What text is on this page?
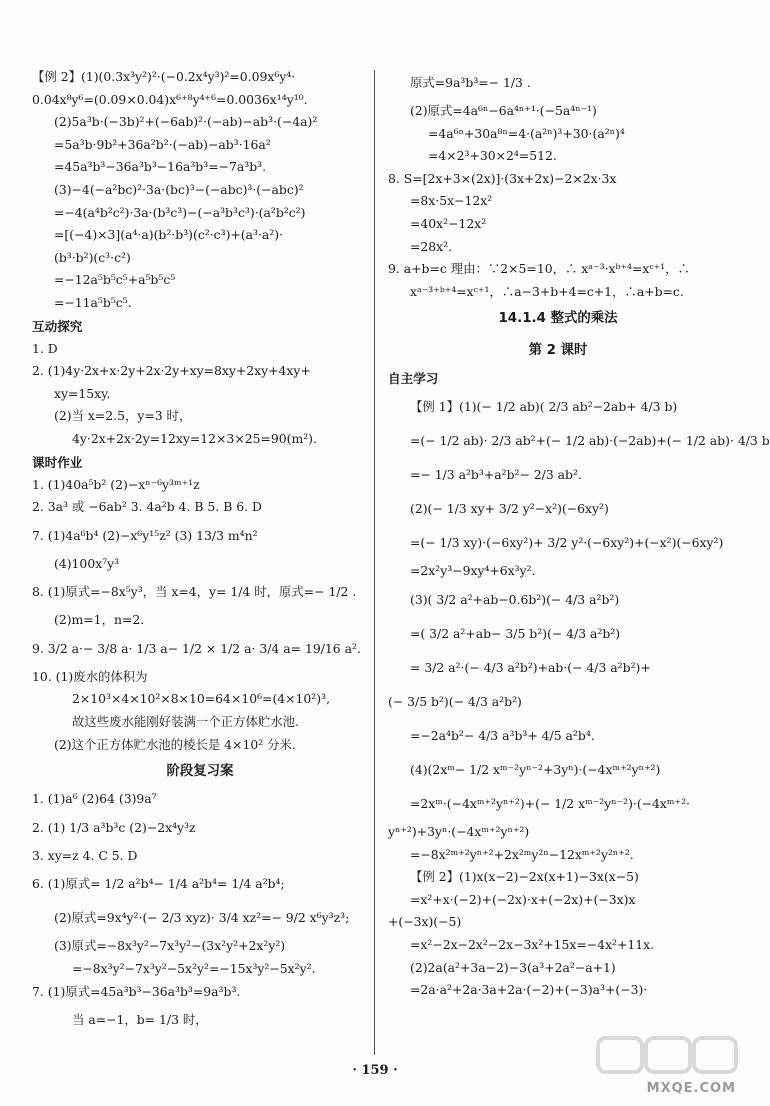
【例 2】(1)(0.3x³y²)²·(−0.2x⁴y³)²=0.09x⁶y⁴·
0.04x⁸y⁶=(0.09×0.04)x⁶⁺⁸y⁴⁺⁶=0.0036x¹⁴y¹⁰.
(2)5a³b·(−3b)²+(−6ab)²·(−ab)−ab³·(−4a)²
=5a³b·9b²+36a²b²·(−ab)−ab³·16a²
=45a³b³−36a³b³−16a³b³=−7a³b³.
(3)−4(−a²bc)²·3a·(bc)³−(−abc)³·(−abc)²
=−4(a⁴b²c²)·3a·(b³c³)−(−a³b³c³)·(a²b²c²)
=[(−4)×3](a⁴·a)(b²·b³)(c²·c³)+(a³·a²)·
(b³·b²)(c³·c²)
=−12a⁵b⁵c⁵+a⁵b⁵c⁵
=−11a⁵b⁵c⁵.
互动探究
1. D
2. (1)4y·2x+x·2y+2x·2y+xy=8xy+2xy+4xy+
xy=15xy.
(2)当 x=2.5，y=3 时，
4y·2x+2x·2y=12xy=12×3×25=90(m²).
课时作业
1. (1)40a⁵b² (2)−xⁿ⁻⁶y³ᵐ⁺¹z
2. 3a³ 或 −6ab² 3. 4a²b 4. B 5. B 6. D
7. (1)4a⁶b⁴ (2)−x⁶y¹⁵z² (3) 13/3 m⁴n²
(4)100x⁷y³
8. (1)原式=−8x⁵y³，当 x=4，y= 1/4 时，原式=− 1/2 .
(2)m=1，n=2.
9. 3/2 a·− 3/8 a· 1/3 a− 1/2 × 1/2 a· 3/4 a= 19/16 a².
10. (1)废水的体积为
2×10³×4×10²×8×10=64×10⁶=(4×10²)³,
故这些废水能刚好装满一个正方体贮水池.
(2)这个正方体贮水池的棱长是 4×10² 分米.
阶段复习案
1. (1)a⁶ (2)64 (3)9a⁷
2. (1) 1/3 a³b³c (2)−2x⁴y³z
3. xy=z 4. C 5. D
6. (1)原式= 1/2 a²b⁴− 1/4 a²b⁴= 1/4 a²b⁴;
(2)原式=9x⁴y²·(− 2/3 xyz)· 3/4 xz²=− 9/2 x⁶y³z³;
(3)原式=−8x³y²−7x³y²−(3x²y²+2x²y²)
=−8x³y²−7x³y²−5x²y²=−15x³y²−5x²y².
7. (1)原式=45a³b³−36a³b³=9a³b³.
当 a=−1，b= 1/3 时，
原式=9a³b³=− 1/3 .
(2)原式=4a⁶ⁿ−6a⁴ⁿ⁺¹·(−5a⁴ⁿ⁻¹)
=4a⁶ⁿ+30a⁸ⁿ=4·(a²ⁿ)³+30·(a²ⁿ)⁴
=4×2³+30×2⁴=512.
8. S=[2x+3×(2x)]·(3x+2x)−2×2x·3x
=8x·5x−12x²
=40x²−12x²
=28x².
9. a+b=c 理由：∵2×5=10，∴ xᵃ⁻³·xᵇ⁺⁴=xᶜ⁺¹，∴
xᵃ⁻³⁺ᵇ⁺⁴=xᶜ⁺¹，∴a−3+b+4=c+1，∴a+b=c.
14.1.4 整式的乘法
第 2 课时
自主学习
【例 1】(1)(− 1/2 ab)( 2/3 ab²−2ab+ 4/3 b)
=(− 1/2 ab)· 2/3 ab²+(− 1/2 ab)·(−2ab)+(− 1/2 ab)· 4/3 b
=− 1/3 a²b³+a²b²− 2/3 ab².
(2)(− 1/3 xy+ 3/2 y²−x²)(−6xy²)
=(− 1/3 xy)·(−6xy²)+ 3/2 y²·(−6xy²)+(−x²)(−6xy²)
=2x²y³−9xy⁴+6x³y².
(3)( 3/2 a²+ab−0.6b²)(− 4/3 a²b²)
=( 3/2 a²+ab− 3/5 b²)(− 4/3 a²b²)
= 3/2 a²·(− 4/3 a²b²)+ab·(− 4/3 a²b²)+
(− 3/5 b²)(− 4/3 a²b²)
=−2a⁴b²− 4/3 a³b³+ 4/5 a²b⁴.
(4)(2xᵐ− 1/2 xᵐ⁻²yⁿ⁻²+3yⁿ)·(−4xᵐ⁺²yⁿ⁺²)
=2xᵐ·(−4xᵐ⁺²yⁿ⁺²)+(− 1/2 xᵐ⁻²yⁿ⁻²)·(−4xᵐ⁺²·
yⁿ⁺²)+3yⁿ·(−4xᵐ⁺²yⁿ⁺²)
=−8x²ᵐ⁺²yⁿ⁺²+2x²ᵐy²ⁿ−12xᵐ⁺²y²ⁿ⁺².
【例 2】(1)x(x−2)−2x(x+1)−3x(x−5)
=x²+x·(−2)+(−2x)·x+(−2x)+(−3x)x
+(−3x)(−5)
=x²−2x−2x²−2x−3x²+15x=−4x²+11x.
(2)2a(a²+3a−2)−3(a³+2a²−a+1)
=2a·a²+2a·3a+2a·(−2)+(−3)a³+(−3)·
· 159 ·
MXQE.COM
